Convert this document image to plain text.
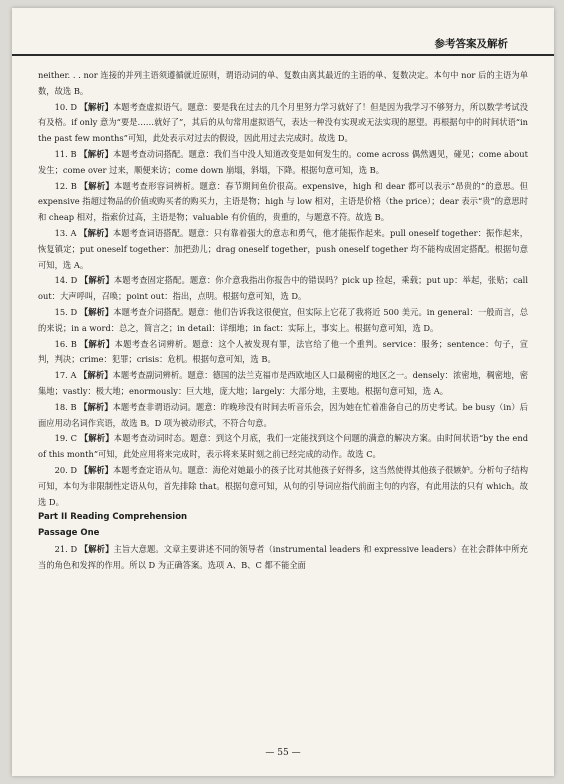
参考答案及解析

neither. . . nor 连接的并列主语须遵循就近原则，谓语动词的单、复数由离其最近的主语的单、复数决定。本句中 nor 后的主语为单数，故选 B。

10. D 【解析】本题考查虚拟语气。题意：要是我在过去的几个月里努力学习就好了！但是因为我学习不够努力，所以数学考试没有及格。if only 意为“要是……就好了”，其后的从句常用虚拟语气，表达一种没有实现或无法实现的愿望。再根据句中的时间状语“in the past few months”可知，此处表示对过去的假设，因此用过去完成时。故选 D。

11. B 【解析】本题考查动词搭配。题意：我们当中没人知道改变是如何发生的。come across 偶然遇见，碰见；come about 发生；come over 过来，顺便来访；come down 崩塌，斜塌，下降。根据句意可知，选 B。

12. B 【解析】本题考查形容词辨析。题意：春节期间鱼价很高。expensive，high 和 dear 都可以表示“昂贵的”的意思。但 expensive 指超过物品的价值或购买者的购买力，主语是物；high 与 low 相对，主语是价格（the price）；dear 表示“贵”的意思时和 cheap 相对，指索价过高，主语是物；valuable 有价值的，贵重的，与题意不符。故选 B。

13. A 【解析】本题考查词语搭配。题意：只有靠着强大的意志和勇气，他才能振作起来。pull oneself together：振作起来，恢复镇定；put oneself together：加把劲儿；drag oneself together，push oneself together 均不能构成固定搭配。根据句意可知，选 A。

14. D 【解析】本题考查固定搭配。题意：你介意我指出你报告中的错误吗？pick up 捡起，乘载；put up：举起，张贴；call out：大声呼叫，召唤；point out：指出，点明。根据句意可知，选 D。

15. D 【解析】本题考查介词搭配。题意：他们告诉我这很便宜，但实际上它花了我将近 500 美元。in general：一般而言，总的来说；in a word：总之，简言之；in detail：详细地；in fact：实际上，事实上。根据句意可知，选 D。

16. B 【解析】本题考查名词辨析。题意：这个人被发现有罪，法官给了他一个重判。service：服务；sentence：句子，宣判，判决；crime：犯罪；crisis：危机。根据句意可知，选 B。

17. A 【解析】本题考查副词辨析。题意：德国的法兰克福市是西欧地区人口最稠密的地区之一。densely：浓密地，稠密地，密集地；vastly：极大地；enormously：巨大地，庞大地；largely：大部分地，主要地。根据句意可知，选 A。

18. B 【解析】本题考查非谓语动词。题意：昨晚珍没有时间去听音乐会，因为她在忙着准备自己的历史考试。be busy（in）后面应用动名词作宾语，故选 B。D 项为被动形式，不符合句意。

19. C 【解析】本题考查动词时态。题意：到这个月底，我们一定能找到这个问题的满意的解决方案。由时间状语“by the end of this month”可知，此处应用将来完成时，表示将来某时刻之前已经完成的动作。故选 C。

20. D 【解析】本题考查定语从句。题意：海伦对她最小的孩子比对其他孩子好得多，这当然使得其他孩子很嫉妒。分析句子结构可知，本句为非限制性定语从句，首先排除 that。根据句意可知，从句的引导词应指代前面主句的内容，有此用法的只有 which。故选 D。

Part II Reading Comprehension

Passage One

21. D 【解析】主旨大意题。文章主要讲述不同的领导者（instrumental leaders 和 expressive leaders）在社会群体中所充当的角色和发挥的作用。所以 D 为正确答案。选项 A、B、C 都不能全面

— 55 —
